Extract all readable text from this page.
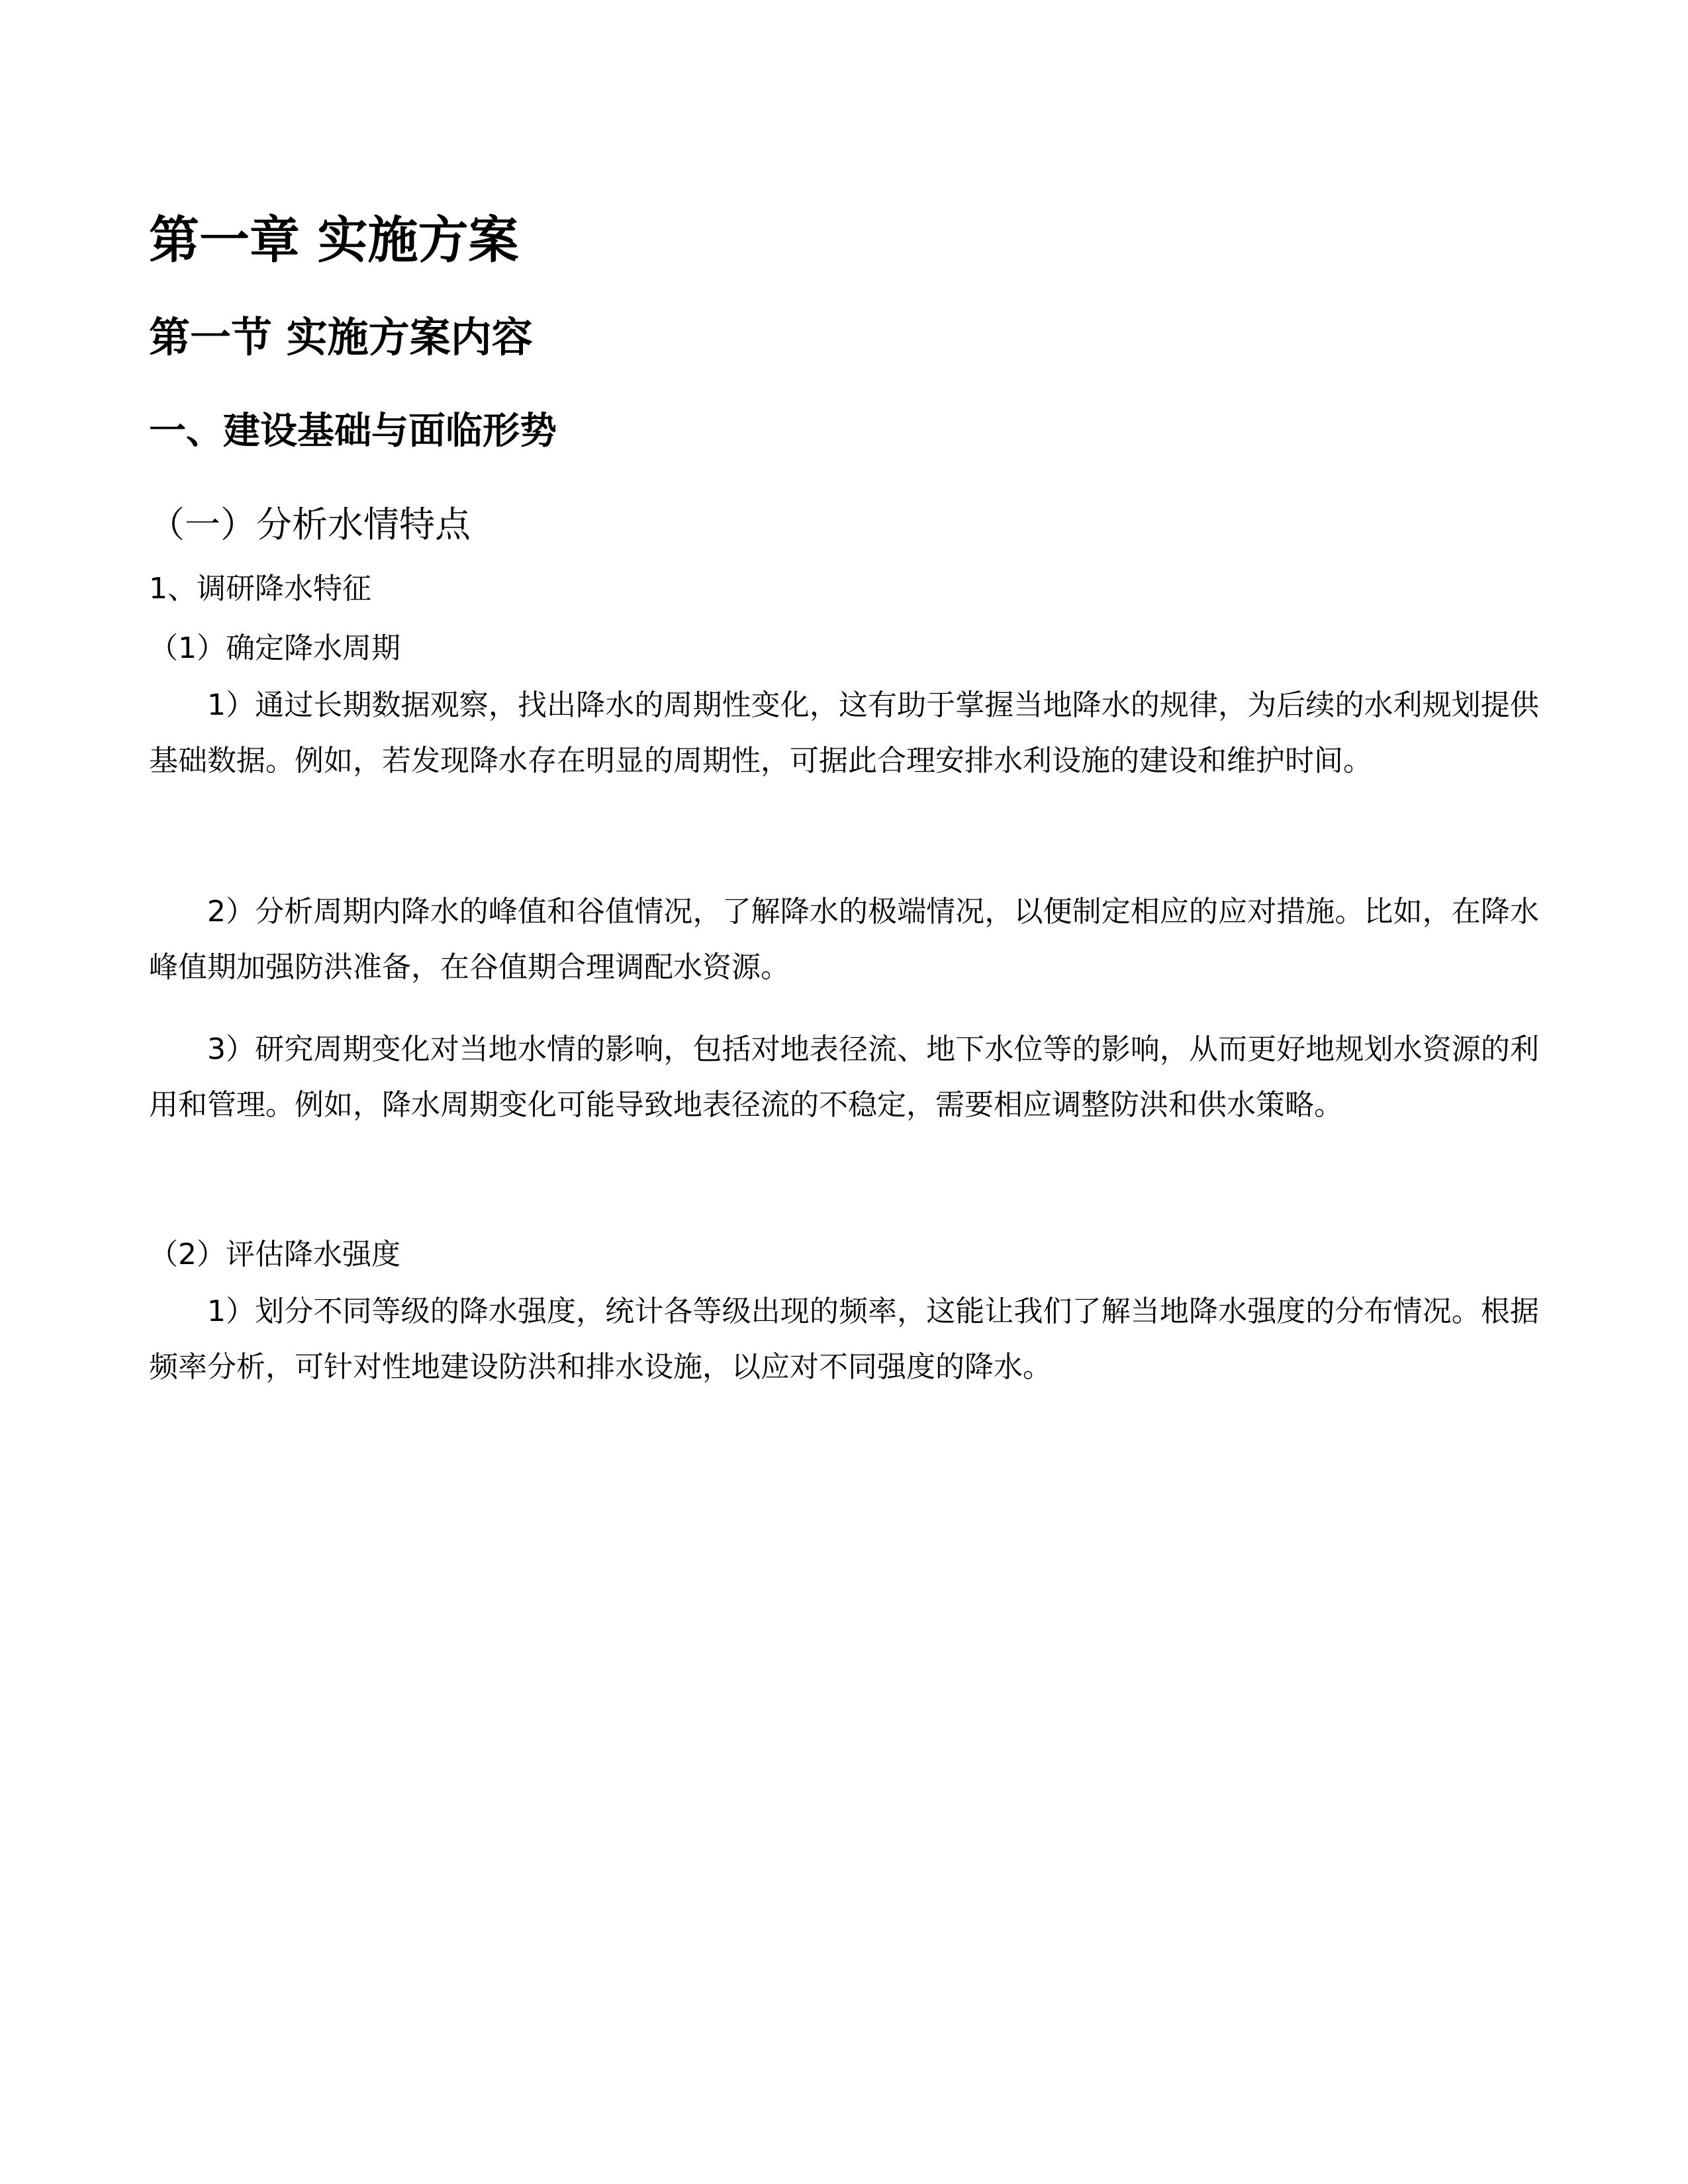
第一章 实施方案
第一节 实施方案内容
一、建设基础与面临形势
（一）分析水情特点
1、调研降水特征
（1）确定降水周期

1）通过长期数据观察，找出降水的周期性变化，这有助于掌握当地降水的规律，为后续的水利规划提供基础数据。例如，若发现降水存在明显的周期性，可据此合理安排水利设施的建设和维护时间。

2）分析周期内降水的峰值和谷值情况，了解降水的极端情况，以便制定相应的应对措施。比如，在降水峰值期加强防洪准备，在谷值期合理调配水资源。

3）研究周期变化对当地水情的影响，包括对地表径流、地下水位等的影响，从而更好地规划水资源的利用和管理。例如，降水周期变化可能导致地表径流的不稳定，需要相应调整防洪和供水策略。

（2）评估降水强度

1）划分不同等级的降水强度，统计各等级出现的频率，这能让我们了解当地降水强度的分布情况。根据频率分析，可针对性地建设防洪和排水设施，以应对不同强度的降水。
